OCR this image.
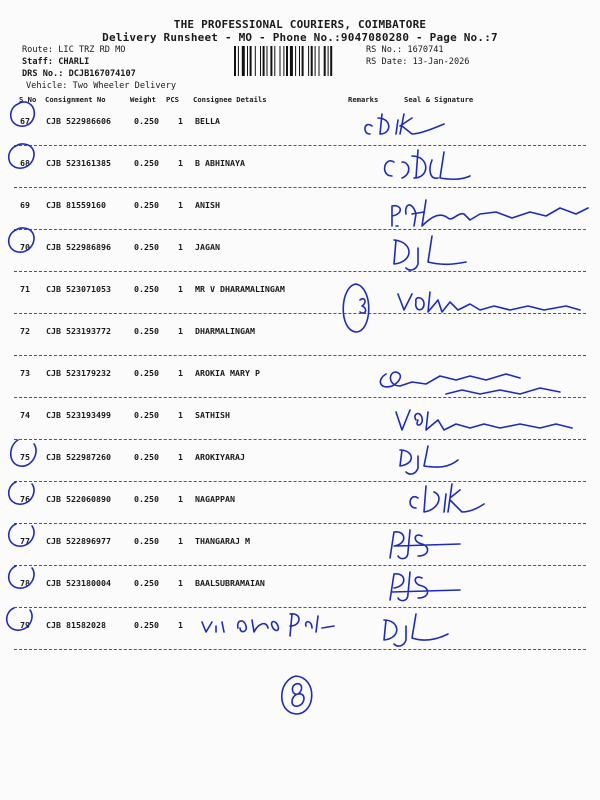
THE PROFESSIONAL COURIERS, COIMBATORE
Delivery Runsheet - MO - Phone No.:9047080280 - Page No.:7
Route: LIC TRZ RD MO
Staff: CHARLI
DRS No.: DCJB167074107
Vehicle: Two Wheeler Delivery
RS No.: 1670741
RS Date: 13-Jan-2026
S No Consignment No	Weight PCS Consignee Details	Remarks	Seal & Signature
67 CJB 522986606	0.250 1 BELLA
68 CJB 523161385	0.250 1 B ABHINAYA
69 CJB 81559160	0.250 1 ANISH
70 CJB 522986896	0.250 1 JAGAN
71 CJB 523071053	0.250 1 MR V DHARAMALINGAM
72 CJB 523193772	0.250 1 DHARMALINGAM
73 CJB 523179232	0.250 1 AROKIA MARY P
74 CJB 523193499	0.250 1 SATHISH
75 CJB 522987260	0.250 1 AROKIYARAJ
76 CJB 522060890	0.250 1 NAGAPPAN
77 CJB 522896977	0.250 1 THANGARAJ M
78 CJB 523180004	0.250 1 BAALSUBRAMAIAN
79 CJB 81582028	0.250 1
